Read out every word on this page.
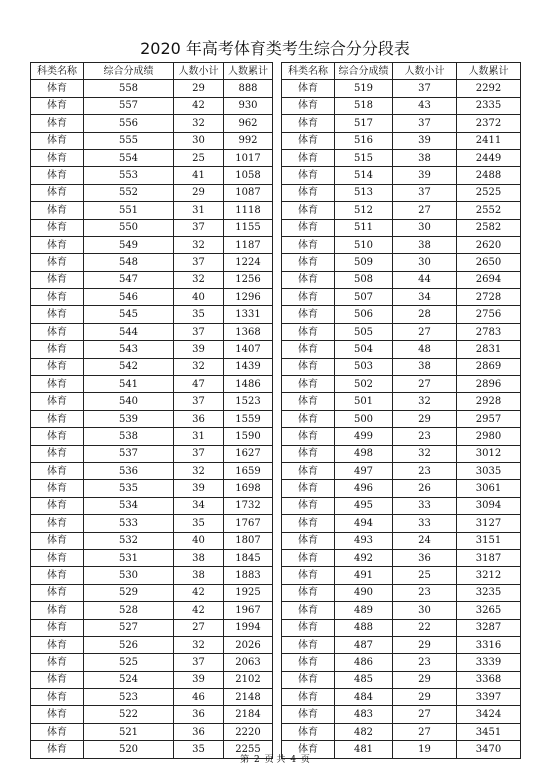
2020 年高考体育类考生综合分分段表
科类名称	综合分成绩	人数小计	人数累计
体育	558	29	888
体育	557	42	930
体育	556	32	962
体育	555	30	992
体育	554	25	1017
体育	553	41	1058
体育	552	29	1087
体育	551	31	1118
体育	550	37	1155
体育	549	32	1187
体育	548	37	1224
体育	547	32	1256
体育	546	40	1296
体育	545	35	1331
体育	544	37	1368
体育	543	39	1407
体育	542	32	1439
体育	541	47	1486
体育	540	37	1523
体育	539	36	1559
体育	538	31	1590
体育	537	37	1627
体育	536	32	1659
体育	535	39	1698
体育	534	34	1732
体育	533	35	1767
体育	532	40	1807
体育	531	38	1845
体育	530	38	1883
体育	529	42	1925
体育	528	42	1967
体育	527	27	1994
体育	526	32	2026
体育	525	37	2063
体育	524	39	2102
体育	523	46	2148
体育	522	36	2184
体育	521	36	2220
体育	520	35	2255
科类名称	综合分成绩	人数小计	人数累计
体育	519	37	2292
体育	518	43	2335
体育	517	37	2372
体育	516	39	2411
体育	515	38	2449
体育	514	39	2488
体育	513	37	2525
体育	512	27	2552
体育	511	30	2582
体育	510	38	2620
体育	509	30	2650
体育	508	44	2694
体育	507	34	2728
体育	506	28	2756
体育	505	27	2783
体育	504	48	2831
体育	503	38	2869
体育	502	27	2896
体育	501	32	2928
体育	500	29	2957
体育	499	23	2980
体育	498	32	3012
体育	497	23	3035
体育	496	26	3061
体育	495	33	3094
体育	494	33	3127
体育	493	24	3151
体育	492	36	3187
体育	491	25	3212
体育	490	23	3235
体育	489	30	3265
体育	488	22	3287
体育	487	29	3316
体育	486	23	3339
体育	485	29	3368
体育	484	29	3397
体育	483	27	3424
体育	482	27	3451
体育	481	19	3470
第 2 页 共 4 页
